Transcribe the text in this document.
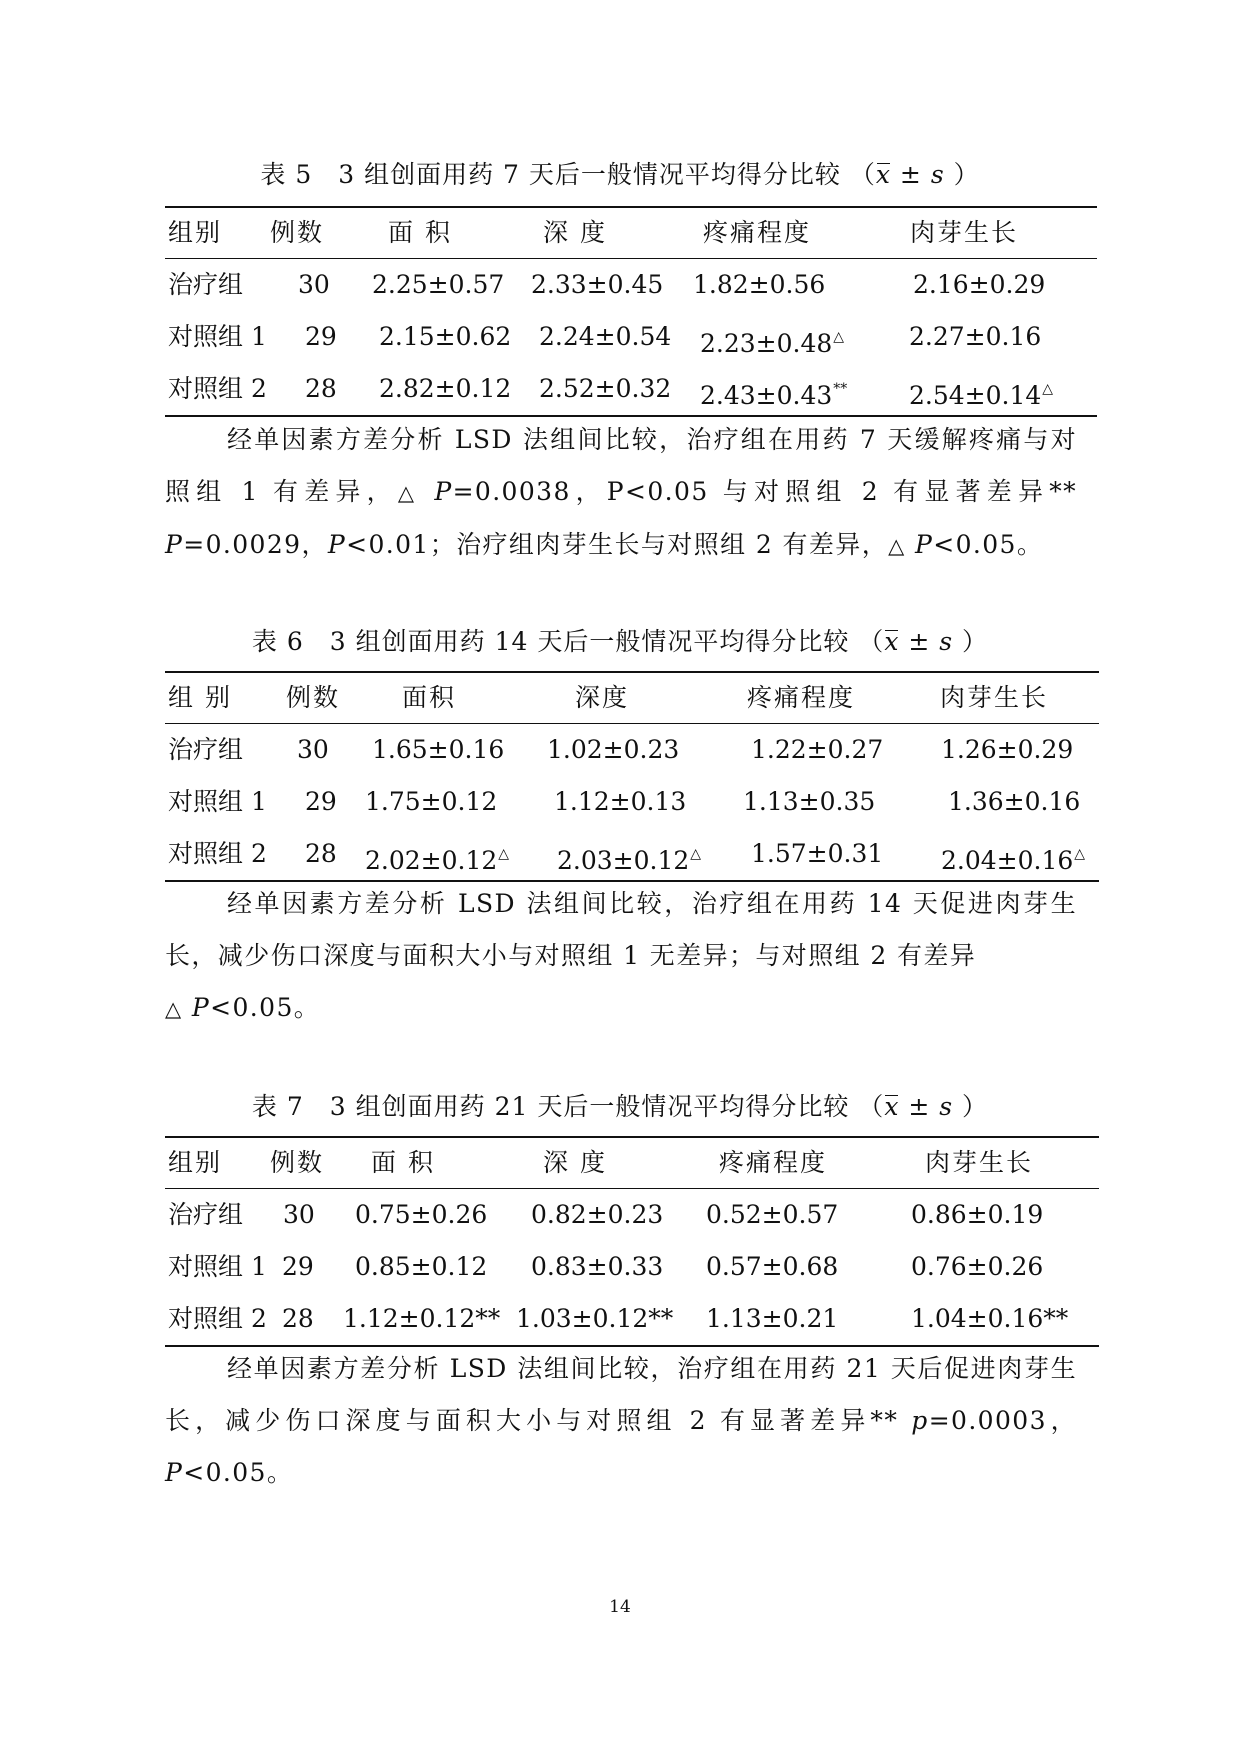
表 5　3 组创面用药 7 天后一般情况平均得分比较 （x ± s ）
组别 例数	面 积	深 度	疼痛程度	肉芽生长
治疗组 30 2.25±0.57 2.33±0.45 1.82±0.56	2.16±0.29
对照组 1 29 2.15±0.62 2.24±0.54 2.23±0.48△	2.27±0.16
对照组 2 28 2.82±0.12 2.52±0.32 2.43±0.43** 2.54±0.14△

经单因素方差分析 LSD 法组间比较，治疗组在用药 7 天缓解疼痛与对照组 1 有差异，△ P=0.0038，P<0.05 与对照组 2 有显著差异** P=0.0029，P<0.01；治疗组肉芽生长与对照组 2 有差异，△ P<0.05。

表 6　3 组创面用药 14 天后一般情况平均得分比较 （x ± s ）
组 别 例数 面积	深度	疼痛程度	肉芽生长
治疗组 30 1.65±0.16 1.02±0.23	1.22±0.27 1.26±0.29
对照组 1 29 1.75±0.12 1.12±0.13 1.13±0.35	1.36±0.16
对照组 2 28 2.02±0.12△ 2.03±0.12△ 1.57±0.31 2.04±0.16△

经单因素方差分析 LSD 法组间比较，治疗组在用药 14 天促进肉芽生长，减少伤口深度与面积大小与对照组 1 无差异；与对照组 2 有差异

△ P<0.05。
表 7　3 组创面用药 21 天后一般情况平均得分比较 （x ± s ）
组别 例数 面 积	深 度	疼痛程度	肉芽生长
治疗组 30 0.75±0.26 0.82±0.23 0.52±0.57	0.86±0.19
对照组 1 29 0.85±0.12 0.83±0.33 0.57±0.68	0.76±0.26
对照组 2 28 1.12±0.12** 1.03±0.12** 1.13±0.21	1.04±0.16**

经单因素方差分析 LSD 法组间比较，治疗组在用药 21 天后促进肉芽生长，减少伤口深度与面积大小与对照组 2 有显著差异** p=0.0003，P<0.05。

14
